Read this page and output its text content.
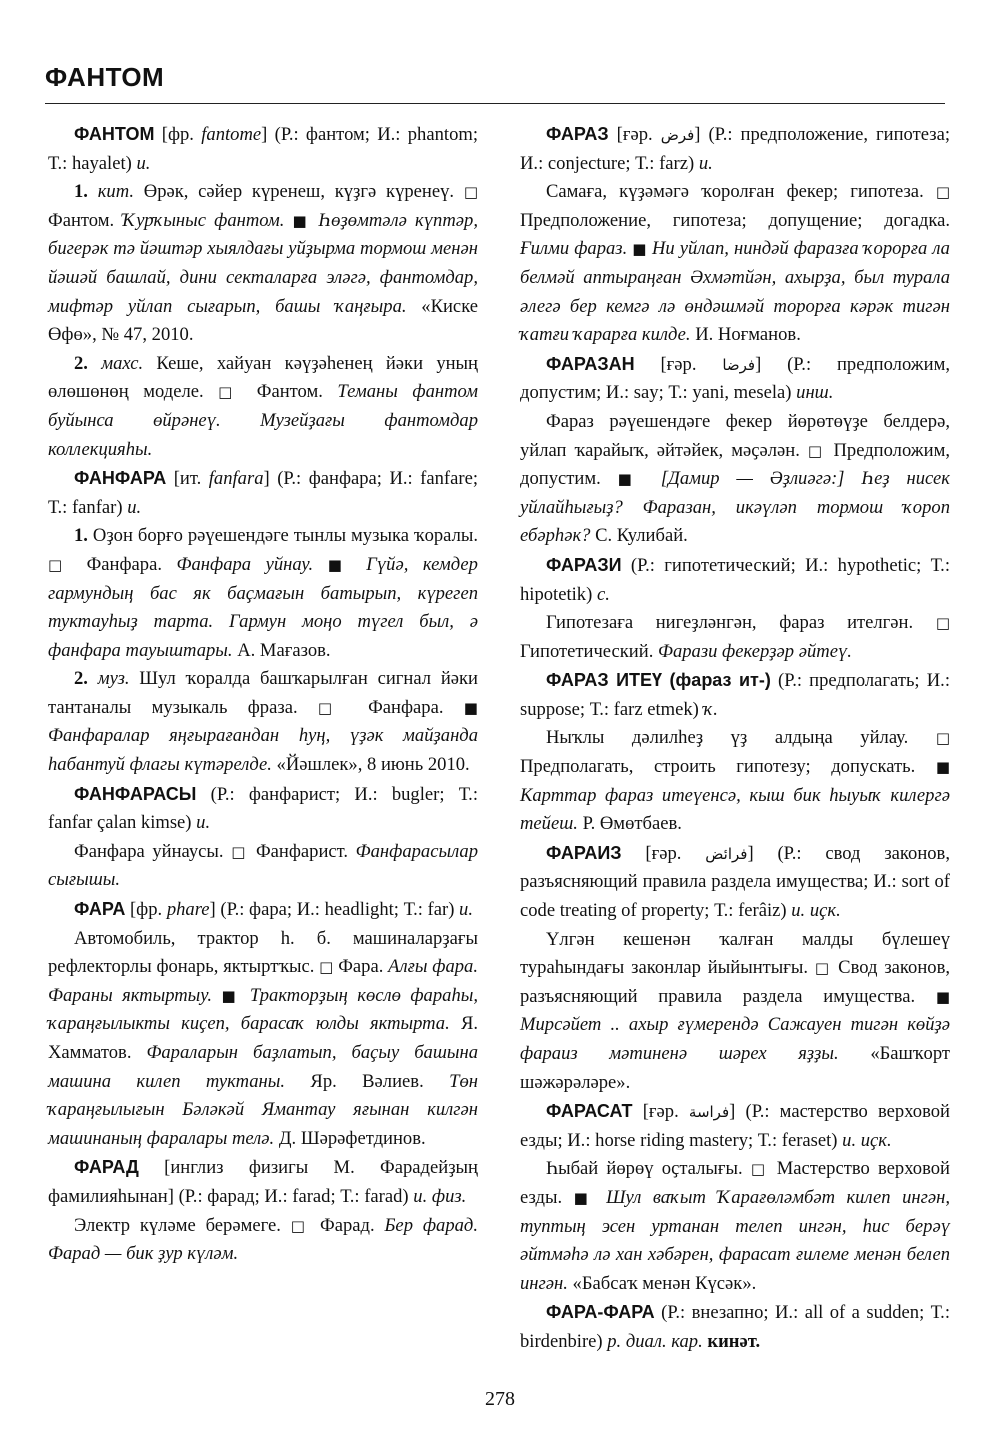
ФАНТОМ

ФАНТОМ [фр. fantome] (Р.: фантом; И.: phantom; Т.: hayalet) и.

1. кит. Өрәк, сәйер күренеш, күҙгә күренеү. □ Фантом. Ҡурҡыныс фантом. ■ Һөҙөмтәлә күптәр, бигерәк тә йәштәр хыялдағы уйҙырма тормош менән йәшәй башлай, дини секталарға эләгә, фантомдар, мифтәр уйлап сығарып, башы ҡаңғыра. «Киске Өфө», № 47, 2010.

2. махс. Кеше, хайуан кәүҙәһенең йәки уның өлөшөнөң моделе. □ Фантом. Теманы фантом буйынса өйрәнеү. Музейҙағы фантомдар коллекцияһы.

ФАНФАРА [ит. fanfara] (Р.: фанфара; И.: fanfare; Т.: fanfar) и.

1. Оҙон борғо рәүешендәге тынлы музыка ҡоралы. □ Фанфара. Фанфара уйнау. ■ Гүйә, кемдер гармундың бас як баҫмағын батырып, күрегеп туктауһыҙ тарта. Гармун моңо түгел был, ә фанфара тауыштары. А. Мағазов.

2. муз. Шул ҡоралда башҡарылған сигнал йәки тантаналы музыкаль фраза. □ Фанфара. ■ Фанфаралар яңғырағандан һуң, үҙәк майҙанда һабантуй флагы күтәрелде. «Йәшлек», 8 июнь 2010.

ФАНФАРАСЫ (Р.: фанфарист; И.: bugler; Т.: fanfar çalan kimse) и.

Фанфара уйнаусы. □ Фанфарист. Фанфарасылар сығышы.

ФАРА [фр. phare] (Р.: фара; И.: headlight; Т.: far) и.

Автомобиль, трактор һ. б. машиналарҙағы рефлекторлы фонарь, яктыртҡыс. □ Фара. Алғы фара. Фараны яктыртыу. ■ Тракторҙың көслө фараһы, ҡараңғылыкты киҫеп, барасаҡ юлды яктырта. Я. Хамматов. Фараларын баҙлатып, баҫыу башына машина килеп туктаны. Яр. Вәлиев. Төн ҡараңғылығын Бәләкәй Ямантау яғынан килгән машинаның фаралары телә. Д. Шәрәфетдинов.

ФАРАД [инглиз физигы М. Фарадейҙың фамилияһынан] (Р.: фарад; И.: farad; Т.: farad) и. физ.

Электр күләме берәмеге. □ Фарад. Бер фарад. Фарад — бик ҙур күләм.

ФАРАЗ [ғәр. فرض] (Р.: предположение, гипотеза; И.: conjecture; Т.: farz) и.

Самаға, күҙәмәгә ҡоролған фекер; гипотеза. □ Предположение, гипотеза; допущение; догадка. Ғилми фараз. ■ Ни уйлап, ниндәй фаразға ҡорорға ла белмәй аптыраңған Әхмәтйән, ахырҙа, был турала әлегә бер кемгә лә өндәшмәй торорға кәрәк тигән ҡатғи ҡарарға килде. И. Ноғманов.

ФАРАЗАН [ғәр. فرضا] (Р.: предположим, допустим; И.: say; Т.: yani, mesela) инш.

Фараз рәүешендәге фекер йөрөтөүҙе белдерә, уйлап ҡарайыҡ, әйтәйек, мәҫәлән. □ Предположим, допустим. ■ [Дамир — Әҙлиәгә:] Һеҙ нисек уйлайһығыҙ? Фаразан, икәүләп тормош ҡороп ебәрһәк? С. Кулибай.

ФАРАЗИ (Р.: гипотетический; И.: hypothetic; Т.: hipotetik) с.

Гипотезаға нигеҙләнгән, фараз ителгән. □ Гипотетический. Фарази фекерҙәр әйтеү.

ФАРАЗ ИТЕҮ (фараз ит-) (Р.: предполагать; И.: suppose; Т.: farz etmek) ҡ.

Ныҡлы дәлилһеҙ үҙ алдыңа уйлау. □ Предполагать, строить гипотезу; допускать. ■ Карттар фараз итеүенсә, кыш бик һыуыҡ килергә тейеш. Р. Өмөтбаев.

ФАРАИЗ [ғәр. فرائض] (Р.: свод законов, разъясняющий правила раздела имущества; И.: sort of code treating of property; Т.: ferâiz) и. иҫк.

Үлгән кешенән ҡалған малды бүлешеү тураһындағы законлар йыйынтығы. □ Свод законов, разъясняющий правила раздела имущества. ■ Мирсәйет .. ахыр ғүмерендә Сажауен тигән көйҙә фараиз мәтиненә шәрех яҙҙы. «Башҡорт шәжәрәләре».

ФАРАСАТ [ғәр. فراسة] (Р.: мастерство верховой езды; И.: horse riding mastery; Т.: feraset) и. иҫк.

Һыбай йөрөү оҫталығы. □ Мастерство верховой езды. ■ Шул ваҡыт Ҡарағөләмбәт килеп ингән, туптың эсен уртанан телеп ингән, һис берәү әйтмәһә лә хан хәбәрен, фарасат ғилеме менән белеп ингән. «Бабсаҡ менән Күсәк».

ФАРА-ФАРА (Р.: внезапно; И.: all of a sudden; Т.: birdenbire) р. диал. кар. кинәт.

278
